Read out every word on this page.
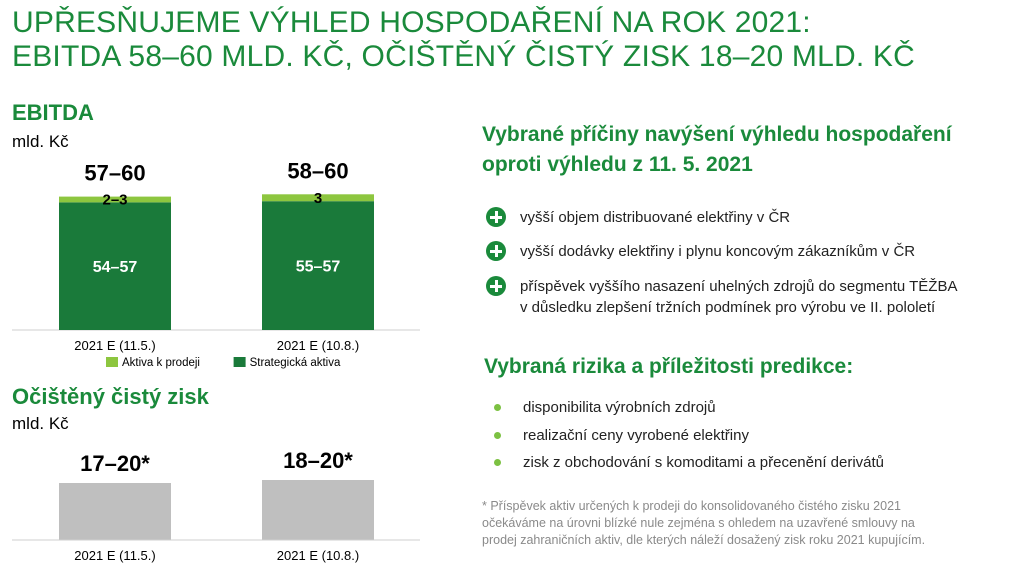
UPŘESŇUJEME VÝHLED HOSPODAŘENÍ NA ROK 2021:
EBITDA 58–60 MLD. KČ, OČIŠTĚNÝ ČISTÝ ZISK 18–20 MLD. KČ
EBITDA
mld. Kč
Očištěný čistý zisk
mld. Kč
54–57
2–3
57–60
2021 E (11.5.)
55–57
3
58–60
2021 E (10.8.)
Aktiva k prodeji	Strategická aktiva
17–20*
2021 E (11.5.)
18–20*
2021 E (10.8.)
Vybrané příčiny navýšení výhledu hospodaření
oproti výhledu z 11. 5. 2021
vyšší objem distribuované elektřiny v ČR
vyšší dodávky elektřiny i plynu koncovým zákazníkům v ČR
příspěvek vyššího nasazení uhelných zdrojů do segmentu TĚŽBA
v důsledku zlepšení tržních podmínek pro výrobu ve II. pololetí
Vybraná rizika a příležitosti predikce:
disponibilita výrobních zdrojů
realizační ceny vyrobené elektřiny
zisk z obchodování s komoditami a přecenění derivátů
* Příspěvek aktiv určených k prodeji do konsolidovaného čistého zisku 2021
očekáváme na úrovni blízké nule zejména s ohledem na uzavřené smlouvy na
prodej zahraničních aktiv, dle kterých náleží dosažený zisk roku 2021 kupujícím.
